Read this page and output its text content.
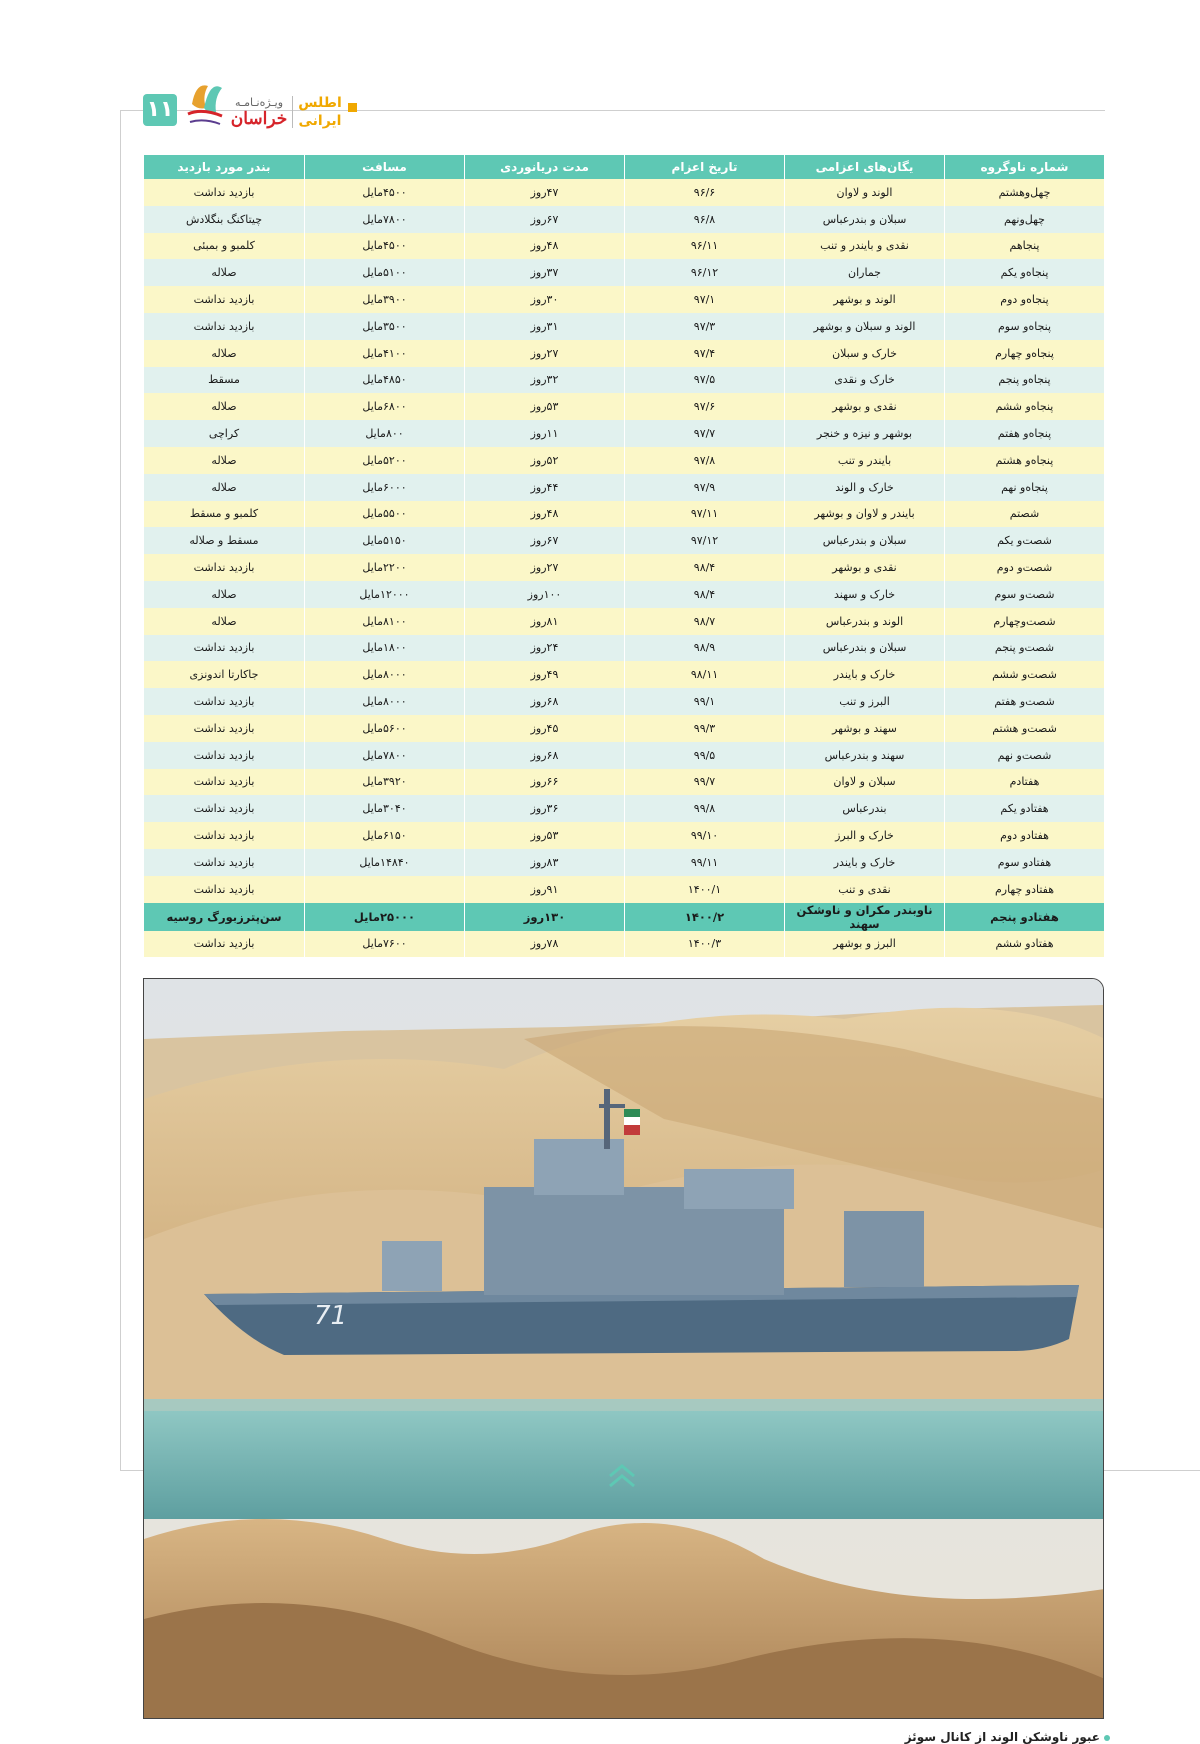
۱۱	ویـژه‌نـامـه
خراسان
اطلس
ایرانی
شماره ناوگروه	یگان‌های اعزامی	تاریخ اعزام	مدت دریانوردی	مسافت	بندر مورد بازدید
چهل‌وهشتم	الوند و لاوان	۹۶/۶	۴۷روز	۴۵۰۰مایل	بازدید نداشت
چهل‌ونهم	سبلان و بندرعباس	۹۶/۸	۶۷روز	۷۸۰۰مایل	چیتاکنگ بنگلادش
پنجاهم	نقدی و بایندر و تنب	۹۶/۱۱	۴۸روز	۴۵۰۰مایل	کلمبو و بمبئی
پنجاه‌و یکم	جماران	۹۶/۱۲	۳۷روز	۵۱۰۰مایل	صلاله
پنجاه‌و دوم	الوند و بوشهر	۹۷/۱	۳۰روز	۳۹۰۰مایل	بازدید نداشت
پنجاه‌و سوم	الوند و سبلان و بوشهر	۹۷/۳	۳۱روز	۳۵۰۰مایل	بازدید نداشت
پنجاه‌و چهارم	خارک و سبلان	۹۷/۴	۲۷روز	۴۱۰۰مایل	صلاله
پنجاه‌و پنجم	خارک و نقدی	۹۷/۵	۳۲روز	۴۸۵۰مایل	مسقط
پنجاه‌و ششم	نقدی و بوشهر	۹۷/۶	۵۳روز	۶۸۰۰مایل	صلاله
پنجاه‌و هفتم	بوشهر و نیزه و خنجر	۹۷/۷	۱۱روز	۸۰۰مایل	کراچی
پنجاه‌و هشتم	بایندر و تنب	۹۷/۸	۵۲روز	۵۲۰۰مایل	صلاله
پنجاه‌و نهم	خارک و الوند	۹۷/۹	۴۴روز	۶۰۰۰مایل	صلاله
شصتم	بایندر و لاوان و بوشهر	۹۷/۱۱	۴۸روز	۵۵۰۰مایل	کلمبو و مسقط
شصت‌و یکم	سبلان و بندرعباس	۹۷/۱۲	۶۷روز	۵۱۵۰مایل	مسقط و صلاله
شصت‌و دوم	نقدی و بوشهر	۹۸/۴	۲۷روز	۲۲۰۰مایل	بازدید نداشت
شصت‌و سوم	خارک و سهند	۹۸/۴	۱۰۰روز	۱۲۰۰۰مایل	صلاله
شصت‌وچهارم	الوند و بندرعباس	۹۸/۷	۸۱روز	۸۱۰۰مایل	صلاله
شصت‌و پنجم	سبلان و بندرعباس	۹۸/۹	۲۴روز	۱۸۰۰مایل	بازدید نداشت
شصت‌و ششم	خارک و بایندر	۹۸/۱۱	۴۹روز	۸۰۰۰مایل	جاکارتا اندونزی
شصت‌و هفتم	البرز و تنب	۹۹/۱	۶۸روز	۸۰۰۰مایل	بازدید نداشت
شصت‌و هشتم	سهند و بوشهر	۹۹/۳	۴۵روز	۵۶۰۰مایل	بازدید نداشت
شصت‌و نهم	سهند و بندرعباس	۹۹/۵	۶۸روز	۷۸۰۰مایل	بازدید نداشت
هفتادم	سبلان و لاوان	۹۹/۷	۶۶روز	۳۹۲۰مایل	بازدید نداشت
هفتادو یکم	بندرعباس	۹۹/۸	۳۶روز	۳۰۴۰مایل	بازدید نداشت
هفتادو دوم	خارک و البرز	۹۹/۱۰	۵۳روز	۶۱۵۰مایل	بازدید نداشت
هفتادو سوم	خارک و بایندر	۹۹/۱۱	۸۳روز	۱۴۸۴۰مایل	بازدید نداشت
هفتادو چهارم	نقدی و تنب	۱۴۰۰/۱	۹۱روز		بازدید نداشت
هفتادو پنجم	ناوبندر مکران و ناوشکن سهند	۱۴۰۰/۲	۱۳۰روز	۲۵۰۰۰مایل	سن‌پترزبورگ روسیه
هفتادو ششم	البرز و بوشهر	۱۴۰۰/۳	۷۸روز	۷۶۰۰مایل	بازدید نداشت
71
عبور ناوشکن الوند از کانال سوئز
